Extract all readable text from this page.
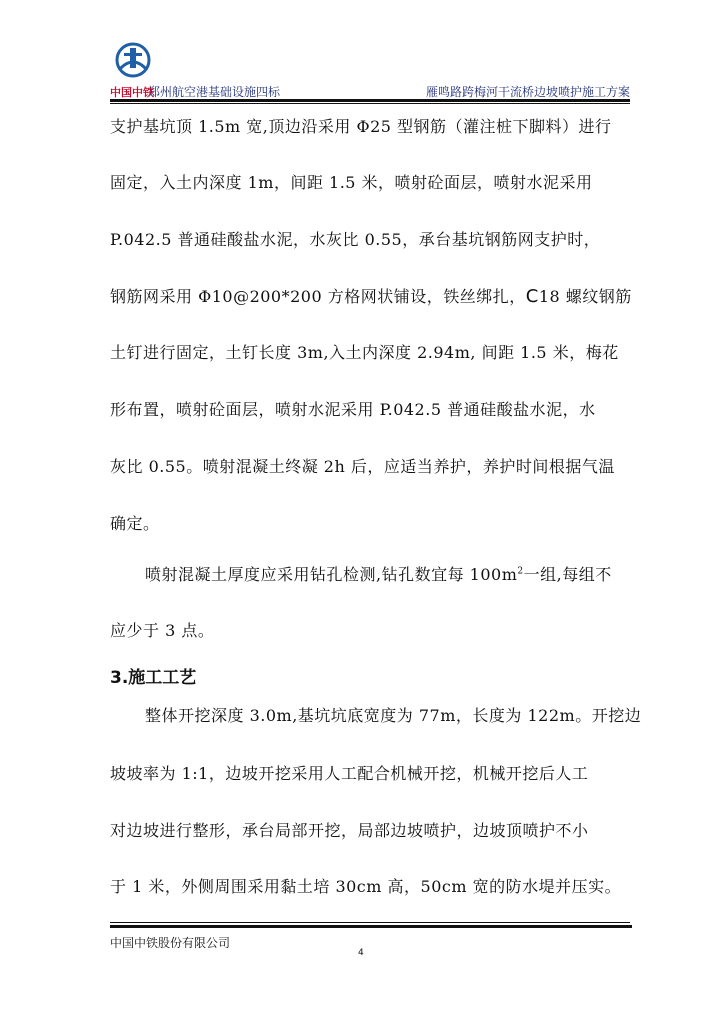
中国中铁
郑州航空港基础设施四标	雁鸣路跨梅河干流桥边坡喷护施工方案
支护基坑顶 1.5m 宽,顶边沿采用 Φ25 型钢筋（灌注桩下脚料）进行
固定，入土内深度 1m，间距 1.5 米，喷射砼面层，喷射水泥采用
P.042.5 普通硅酸盐水泥，水灰比 0.55，承台基坑钢筋网支护时，
钢筋网采用 Φ10@200*200 方格网状铺设，铁丝绑扎，C18 螺纹钢筋
土钉进行固定，土钉长度 3m,入土内深度 2.94m, 间距 1.5 米，梅花
形布置，喷射砼面层，喷射水泥采用 P.042.5 普通硅酸盐水泥，水
灰比 0.55。喷射混凝土终凝 2h 后，应适当养护，养护时间根据气温
确定。
喷射混凝土厚度应采用钻孔检测,钻孔数宜每 $100m^2$一组,每组不
应少于 3 点。
3.施工工艺
整体开挖深度 3.0m,基坑坑底宽度为 77m，长度为 122m。开挖边
坡坡率为 1:1，边坡开挖采用人工配合机械开挖，机械开挖后人工
对边坡进行整形，承台局部开挖，局部边坡喷护，边坡顶喷护不小
于 1 米，外侧周围采用黏土培 30cm 高，50cm 宽的防水堤并压实。
中国中铁股份有限公司
4
